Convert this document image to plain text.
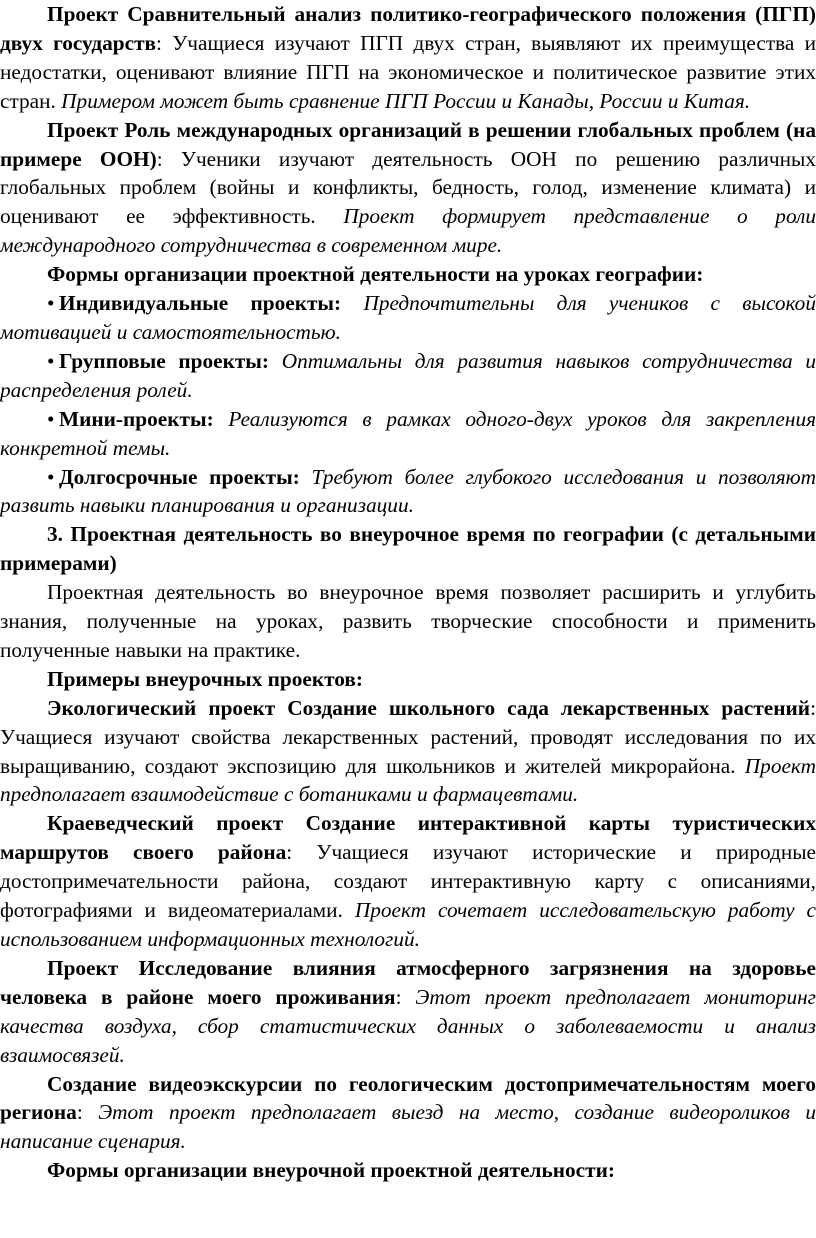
Проект Сравнительный анализ политико-географического положения (ПГП) двух государств: Учащиеся изучают ПГП двух стран, выявляют их преимущества и недостатки, оценивают влияние ПГП на экономическое и политическое развитие этих стран. Примером может быть сравнение ПГП России и Канады, России и Китая.

Проект Роль международных организаций в решении глобальных проблем (на примере ООН): Ученики изучают деятельность ООН по решению различных глобальных проблем (войны и конфликты, бедность, голод, изменение климата) и оценивают ее эффективность. Проект формирует представление о роли международного сотрудничества в современном мире.

Формы организации проектной деятельности на уроках географии:

• Индивидуальные проекты: Предпочтительны для учеников с высокой мотивацией и самостоятельностью.

• Групповые проекты: Оптимальны для развития навыков сотрудничества и распределения ролей.

• Мини-проекты: Реализуются в рамках одного-двух уроков для закрепления конкретной темы.

• Долгосрочные проекты: Требуют более глубокого исследования и позволяют развить навыки планирования и организации.

3. Проектная деятельность во внеурочное время по географии (с детальными примерами)

Проектная деятельность во внеурочное время позволяет расширить и углубить знания, полученные на уроках, развить творческие способности и применить полученные навыки на практике.

Примеры внеурочных проектов:

Экологический проект Создание школьного сада лекарственных растений: Учащиеся изучают свойства лекарственных растений, проводят исследования по их выращиванию, создают экспозицию для школьников и жителей микрорайона. Проект предполагает взаимодействие с ботаниками и фармацевтами.

Краеведческий проект Создание интерактивной карты туристических маршрутов своего района: Учащиеся изучают исторические и природные достопримечательности района, создают интерактивную карту с описаниями, фотографиями и видеоматериалами. Проект сочетает исследовательскую работу с использованием информационных технологий.

Проект Исследование влияния атмосферного загрязнения на здоровье человека в районе моего проживания: Этот проект предполагает мониторинг качества воздуха, сбор статистических данных о заболеваемости и анализ взаимосвязей.

Создание видеоэкскурсии по геологическим достопримечательностям моего региона: Этот проект предполагает выезд на место, создание видеороликов и написание сценария.

Формы организации внеурочной проектной деятельности:
